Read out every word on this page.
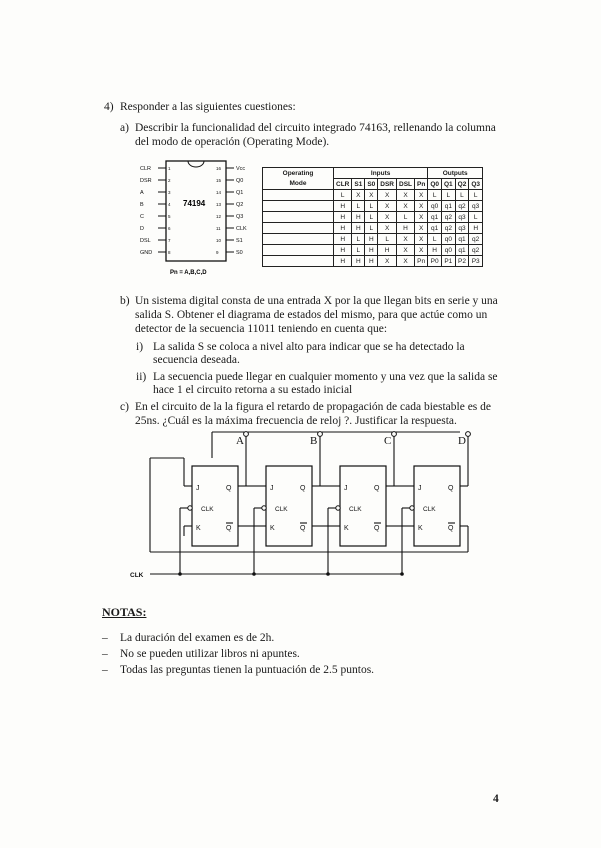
4) Responder a las siguientes cuestiones:
a) Describir la funcionalidad del circuito integrado 74163, rellenando la columna
del modo de operación (Operating Mode).
CLR	1
DSR	2
A	3
B	4
C	5
D	6
DSL	7
GND	8
Vcc
16
Q0
15
Q1
14
Q2
13
Q3
12
CLK
11
S1
10
S0
9
74194
Pn = A,B,C,D
Operating	Inputs						Outputs			
Mode	CLR	S1	S0	DSR	DSL	Pn	Q0	Q1	Q2	Q3
	L	X	X	X	X	X	L	L	L	L
	H	L	L	X	X	X	q0	q1	q2	q3
	H	H	L	X	L	X	q1	q2	q3	L
	H	H	L	X	H	X	q1	q2	q3	H
	H	L	H	L	X	X	L	q0	q1	q2
	H	L	H	H	X	X	H	q0	q1	q2
	H	H	H	X	X	Pn	P0	P1	P2	P3
b) Un sistema digital consta de una entrada X por la que llegan bits en serie y una
salida S. Obtener el diagrama de estados del mismo, para que actúe como un
detector de la secuencia 11011 teniendo en cuenta que:
i) La salida S se coloca a nivel alto para indicar que se ha detectado la
secuencia deseada.
ii) La secuencia puede llegar en cualquier momento y una vez que la salida se
hace 1 el circuito retorna a su estado inicial
c) En el circuito de la la figura el retardo de propagación de cada biestable es de
25ns. ¿Cuál es la máxima frecuencia de reloj ?. Justificar la respuesta.
J	Q
CLK
K	Q
A
J	Q
CLK
K	Q
B
J	Q
CLK
K	Q
C
J	Q
CLK
K	Q
D
CLK
NOTAS:
– La duración del examen es de 2h.
– No se pueden utilizar libros ni apuntes.
– Todas las preguntas tienen la puntuación de 2.5 puntos.
4
